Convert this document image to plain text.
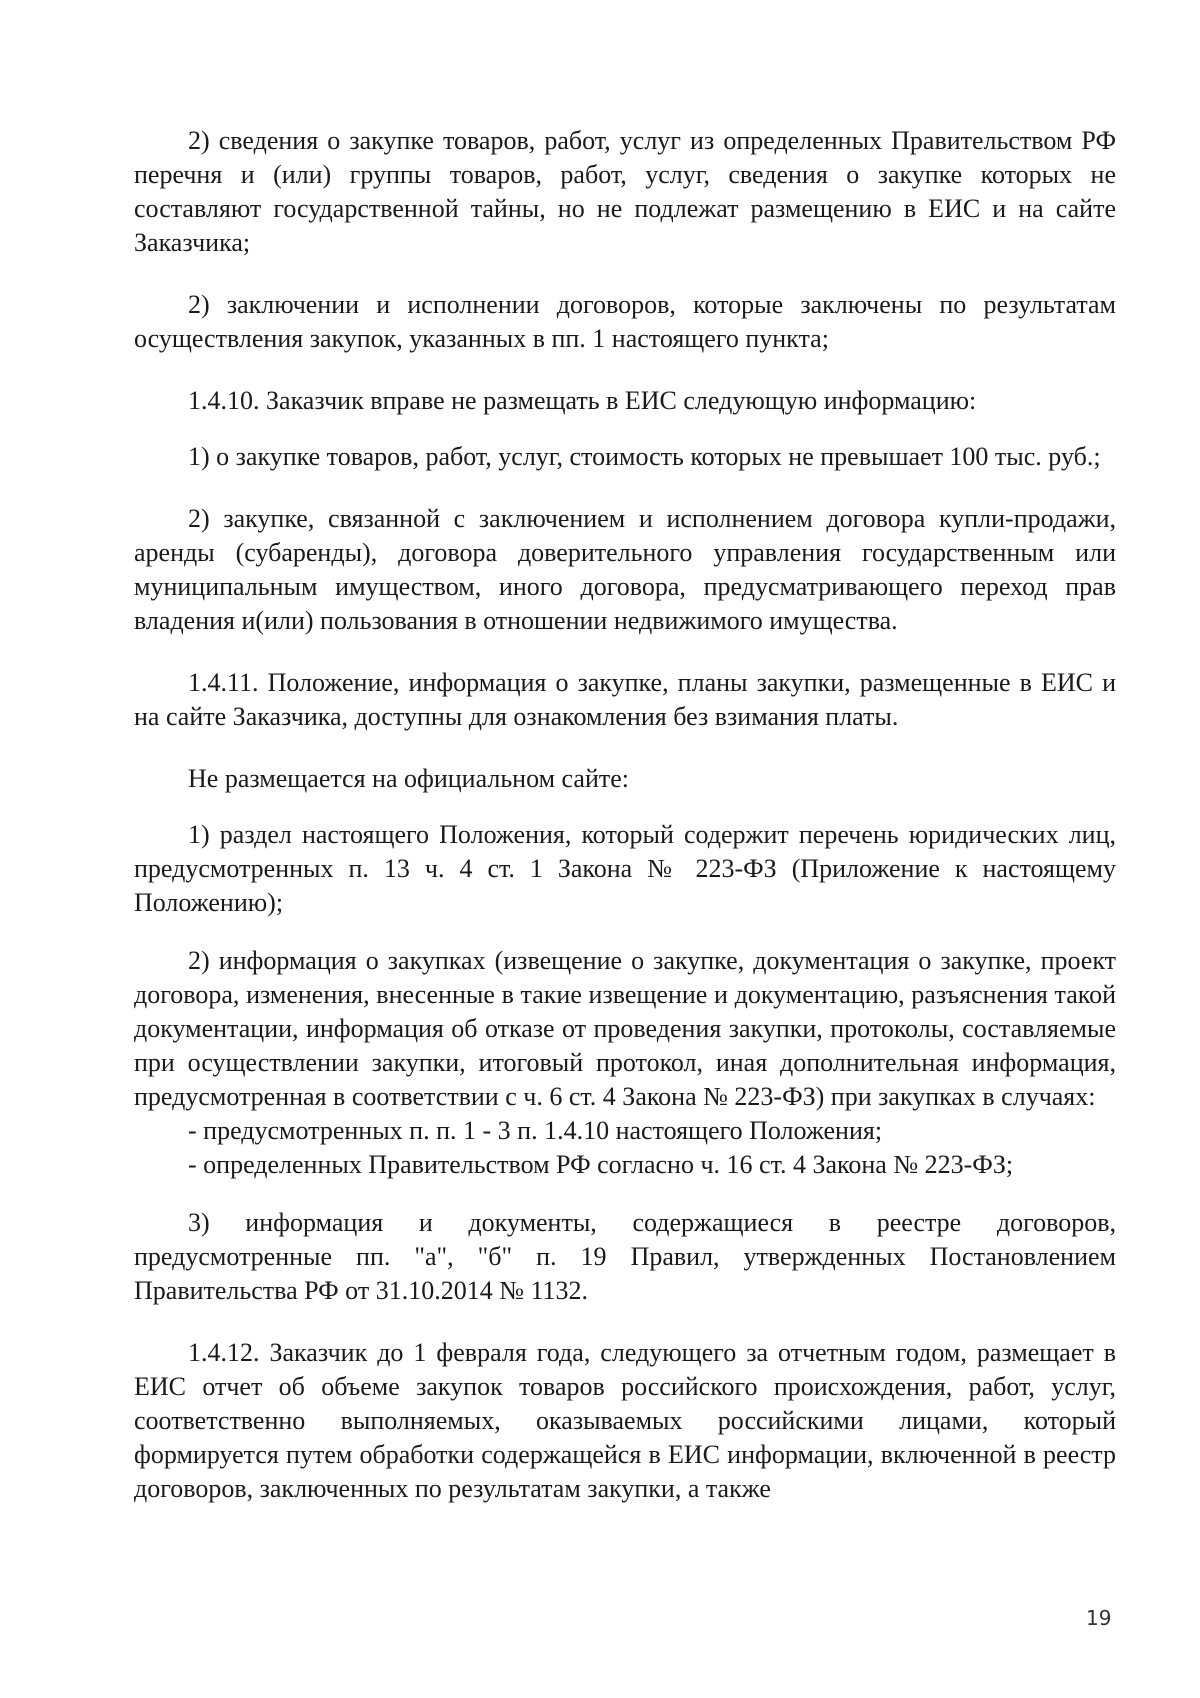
2) сведения о закупке товаров, работ, услуг из определенных Правительством РФ перечня и (или) группы товаров, работ, услуг, сведения о закупке которых не составляют государственной тайны, но не подлежат размещению в ЕИС и на сайте Заказчика;

2) заключении и исполнении договоров, которые заключены по результатам осуществления закупок, указанных в пп. 1 настоящего пункта;

1.4.10. Заказчик вправе не размещать в ЕИС следующую информацию:

1) о закупке товаров, работ, услуг, стоимость которых не превышает 100 тыс. руб.;

2) закупке, связанной с заключением и исполнением договора купли-продажи, аренды (субаренды), договора доверительного управления государственным или муниципальным имуществом, иного договора, предусматривающего переход прав владения и(или) пользования в отношении недвижимого имущества.

1.4.11. Положение, информация о закупке, планы закупки, размещенные в ЕИС и на сайте Заказчика, доступны для ознакомления без взимания платы.

Не размещается на официальном сайте:

1) раздел настоящего Положения, который содержит перечень юридических лиц, предусмотренных п. 13 ч. 4 ст. 1 Закона № 223-ФЗ (Приложение к настоящему Положению);

2) информация о закупках (извещение о закупке, документация о закупке, проект договора, изменения, внесенные в такие извещение и документацию, разъяснения такой документации, информация об отказе от проведения закупки, протоколы, составляемые при осуществлении закупки, итоговый протокол, иная дополнительная информация, предусмотренная в соответствии с ч. 6 ст. 4 Закона № 223-ФЗ) при закупках в случаях:

- предусмотренных п. п. 1 - 3 п. 1.4.10 настоящего Положения;

- определенных Правительством РФ согласно ч. 16 ст. 4 Закона № 223-ФЗ;

3) информация и документы, содержащиеся в реестре договоров, предусмотренные пп. "а", "б" п. 19 Правил, утвержденных Постановлением Правительства РФ от 31.10.2014 № 1132.

1.4.12. Заказчик до 1 февраля года, следующего за отчетным годом, размещает в ЕИС отчет об объеме закупок товаров российского происхождения, работ, услуг, соответственно выполняемых, оказываемых российскими лицами, который формируется путем обработки содержащейся в ЕИС информации, включенной в реестр договоров, заключенных по результатам закупки, а также

19
